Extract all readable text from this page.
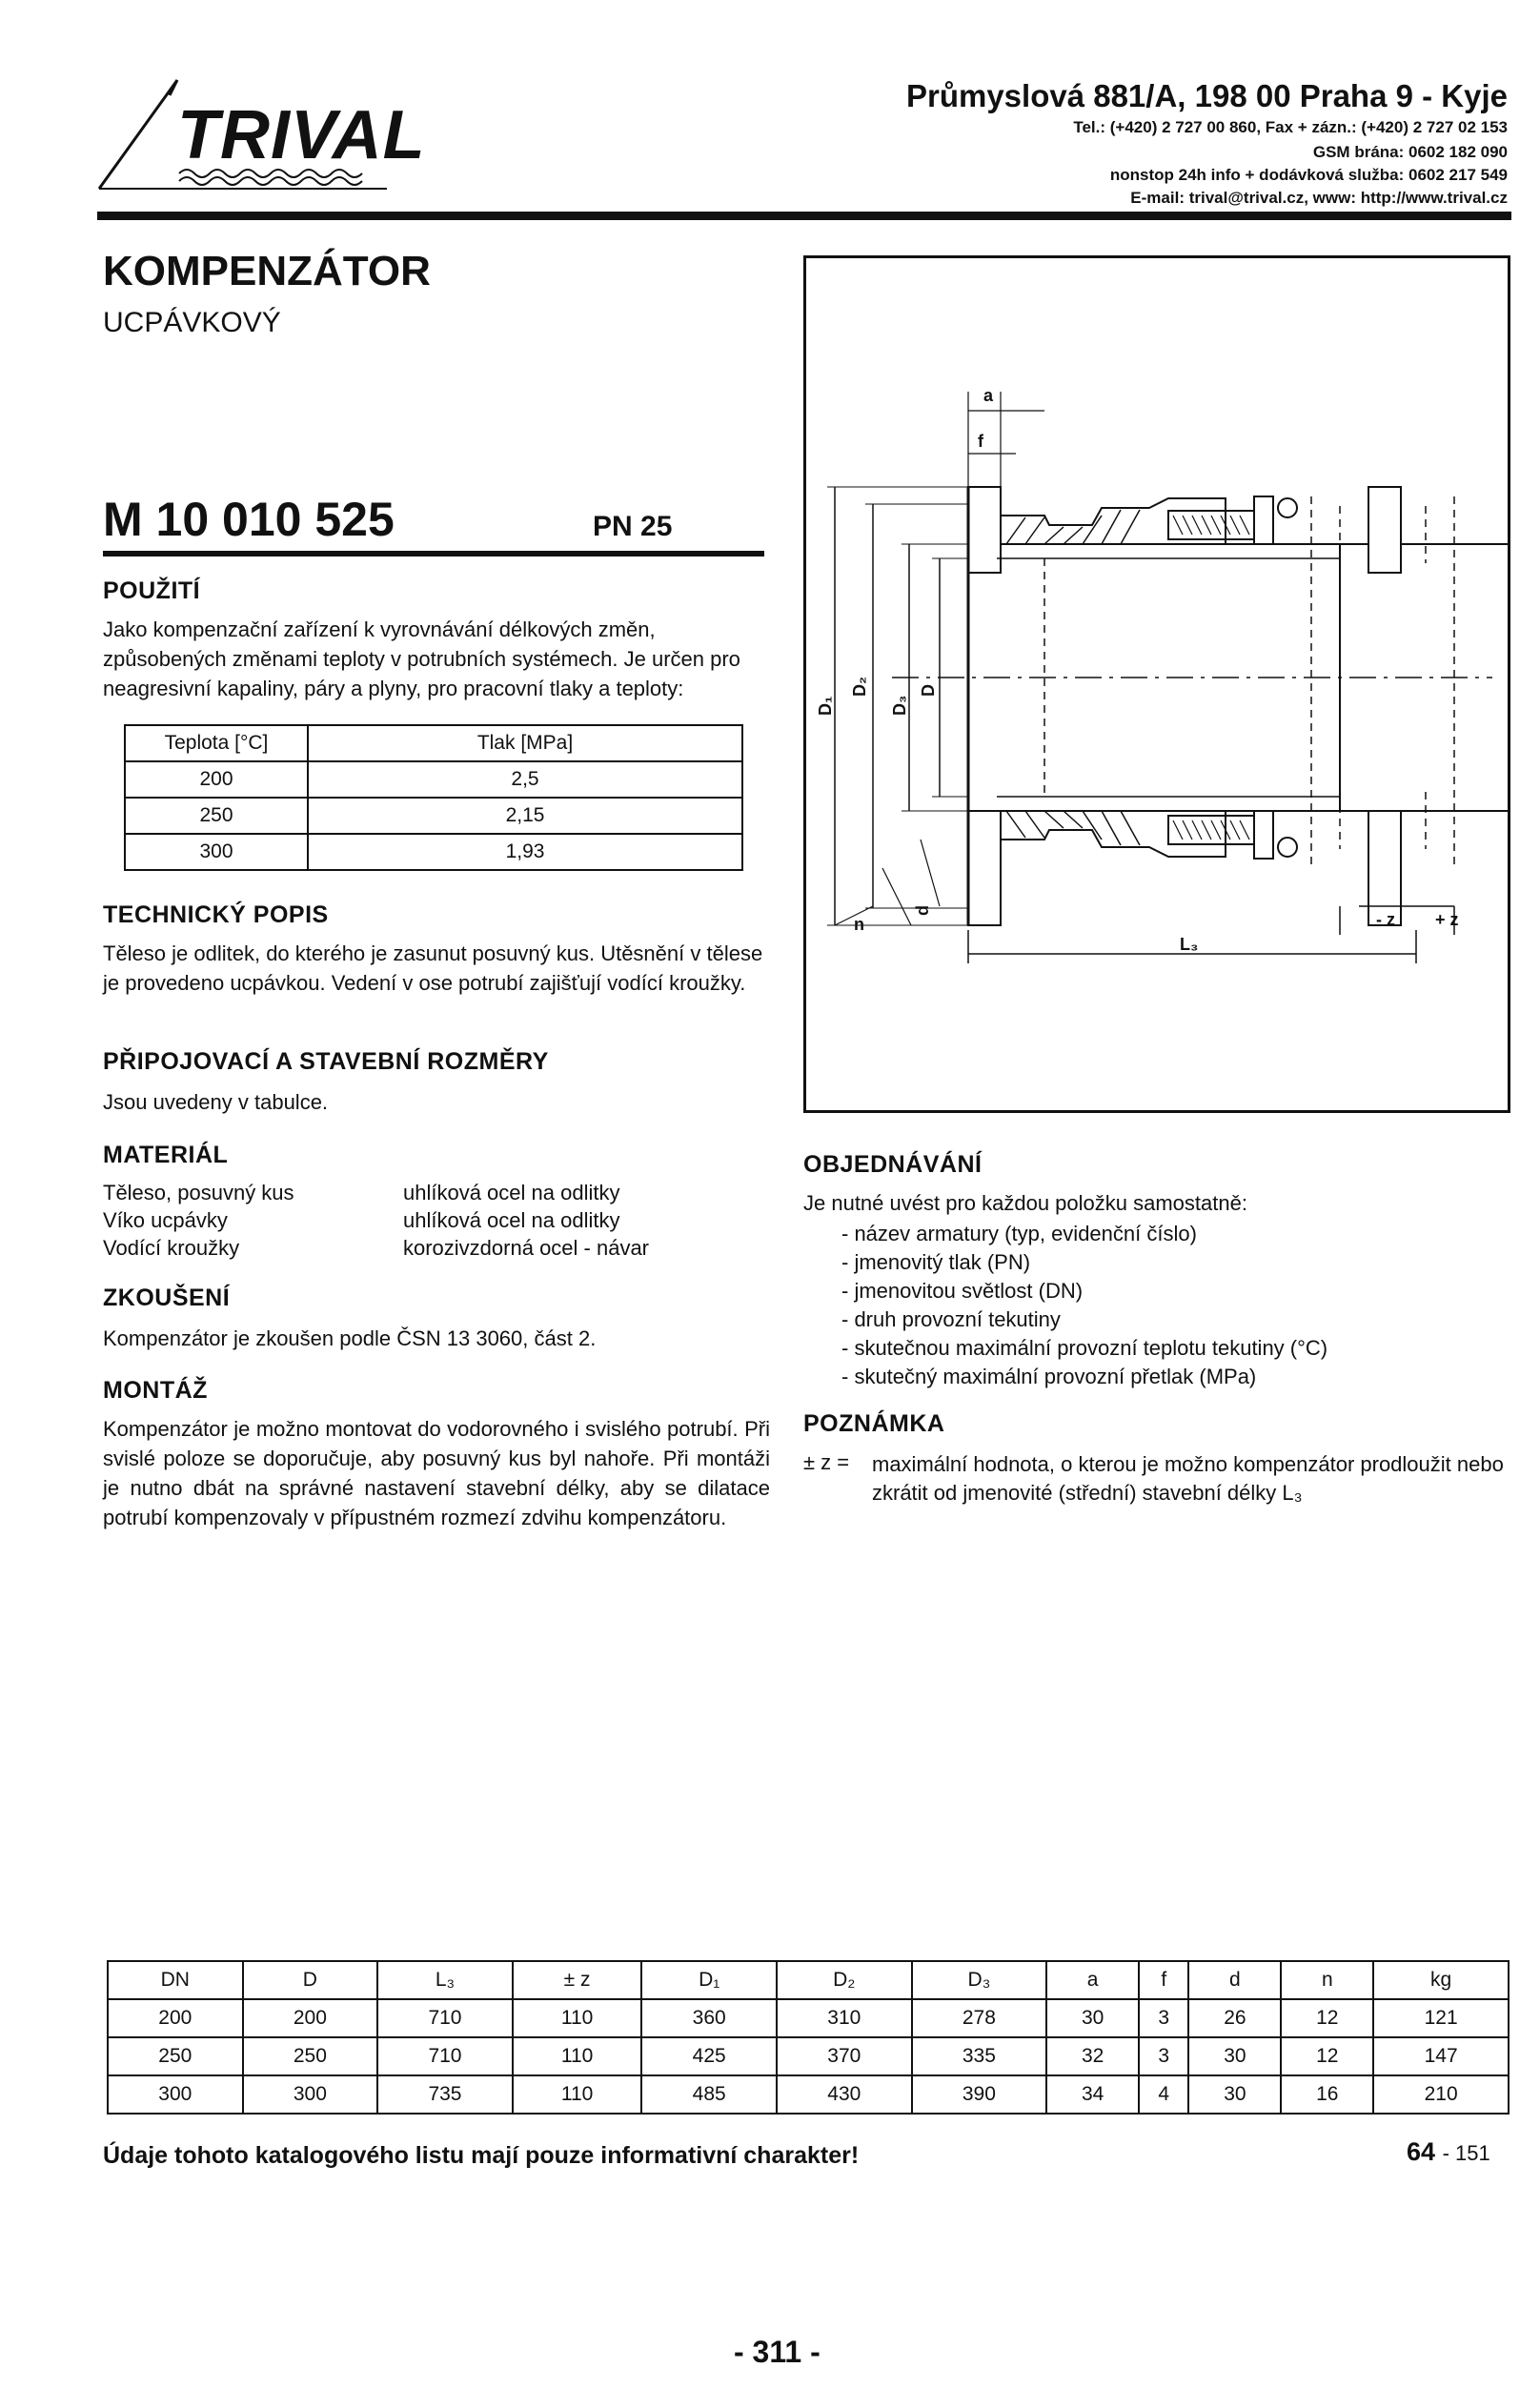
TRIVAL
Průmyslová 881/A, 198 00 Praha 9 - Kyje
Tel.: (+420) 2 727 00 860, Fax + zázn.: (+420) 2 727 02 153
GSM brána: 0602 182 090
nonstop 24h info + dodávková služba: 0602 217 549
E-mail: trival@trival.cz, www: http://www.trival.cz
KOMPENZÁTOR
UCPÁVKOVÝ
M 10 010 525	PN 25
POUŽITÍ
Jako kompenzační zařízení k vyrovnávání délkových změn, způsobených změnami teploty v potrubních systémech. Je určen pro neagresivní kapaliny, páry a plyny, pro pracovní tlaky a teploty:
Teplota [°C]	Tlak [MPa]
200	2,5
250	2,15
300	1,93
TECHNICKÝ POPIS
Těleso je odlitek, do kterého je zasunut posuvný kus. Utěsnění v tělese je provedeno ucpávkou. Vedení v ose potrubí zajišťují vodící kroužky.
PŘIPOJOVACÍ A STAVEBNÍ ROZMĚRY
Jsou uvedeny v tabulce.
MATERIÁL
Těleso, posuvný kus	uhlíková ocel na odlitky
Víko ucpávky	uhlíková ocel na odlitky
Vodící kroužky	korozivzdorná ocel - návar
ZKOUŠENÍ
Kompenzátor je zkoušen podle ČSN 13 3060, část 2.
MONTÁŽ
Kompenzátor je možno montovat do vodorovného i svislého potrubí. Při svislé poloze se doporučuje, aby posuvný kus byl nahoře. Při montáži je nutno dbát na správné nastavení stavební délky, aby se dilatace potrubí kompenzovaly v přípustném rozmezí zdvihu kompenzátoru.
a
f
D₁
D₂
D₃
D
n
d
L₃
- z + z
OBJEDNÁVÁNÍ
Je nutné uvést pro každou položku samostatně:
- název armatury (typ, evidenční číslo)
- jmenovitý tlak (PN)
- jmenovitou světlost (DN)
- druh provozní tekutiny
- skutečnou maximální provozní teplotu tekutiny (°C)
- skutečný maximální provozní přetlak (MPa)
POZNÁMKA
± z = maximální hodnota, o kterou je možno kompenzátor prodloužit nebo zkrátit od jmenovité (střední) stavební délky L₃
DN	D	L₃	± z	D₁	D₂	D₃	a	f	d	n	kg
200	200	710	110	360	310	278	30	3	26	12	121
250	250	710	110	425	370	335	32	3	30	12	147
300	300	735	110	485	430	390	34	4	30	16	210
Údaje tohoto katalogového listu mají pouze informativní charakter!	64 - 151
- 311 -
